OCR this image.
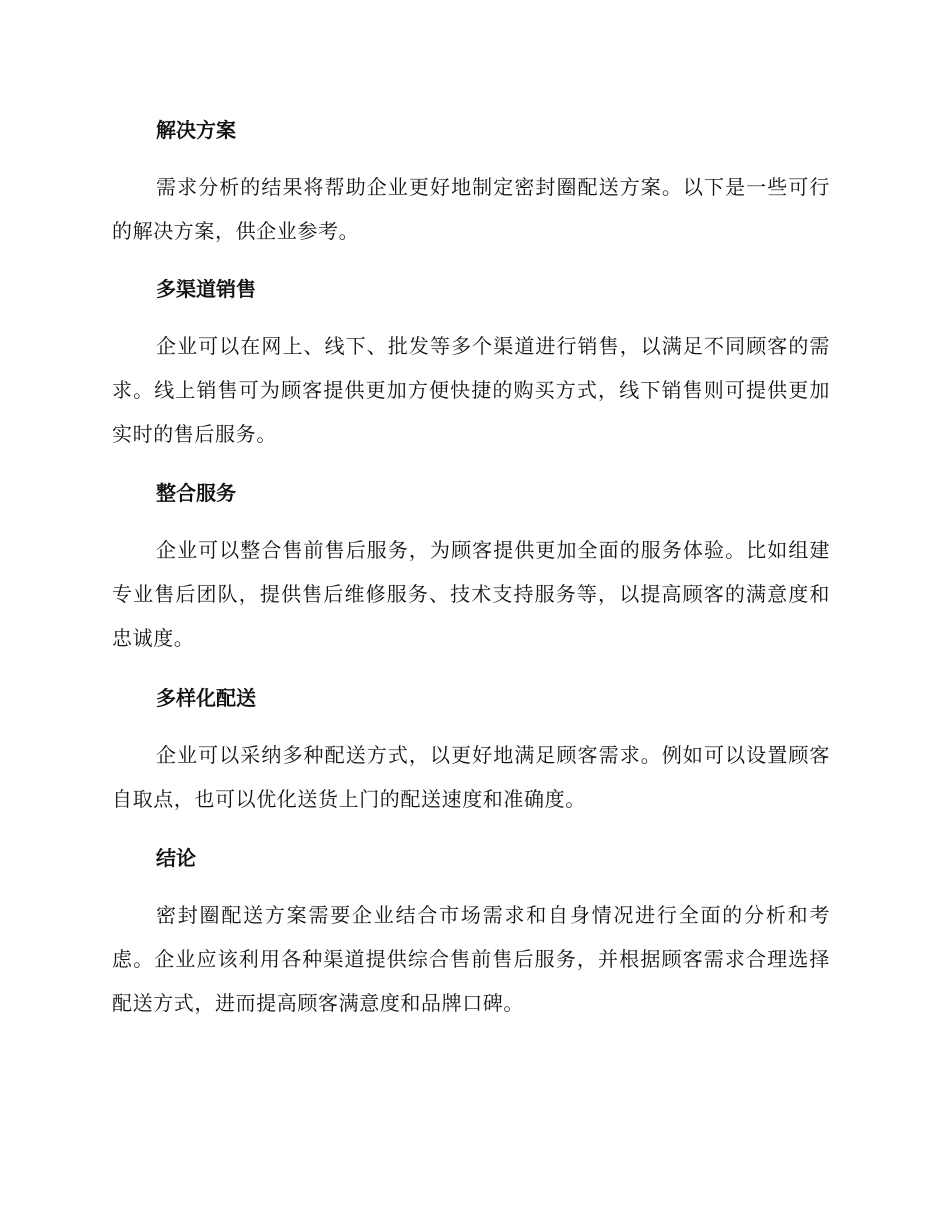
解决方案

需求分析的结果将帮助企业更好地制定密封圈配送方案。以下是一些可行的解决方案，供企业参考。

多渠道销售

企业可以在网上、线下、批发等多个渠道进行销售，以满足不同顾客的需求。线上销售可为顾客提供更加方便快捷的购买方式，线下销售则可提供更加实时的售后服务。

整合服务

企业可以整合售前售后服务，为顾客提供更加全面的服务体验。比如组建专业售后团队，提供售后维修服务、技术支持服务等，以提高顾客的满意度和忠诚度。

多样化配送

企业可以采纳多种配送方式，以更好地满足顾客需求。例如可以设置顾客自取点，也可以优化送货上门的配送速度和准确度。

结论

密封圈配送方案需要企业结合市场需求和自身情况进行全面的分析和考虑。企业应该利用各种渠道提供综合售前售后服务，并根据顾客需求合理选择配送方式，进而提高顾客满意度和品牌口碑。
